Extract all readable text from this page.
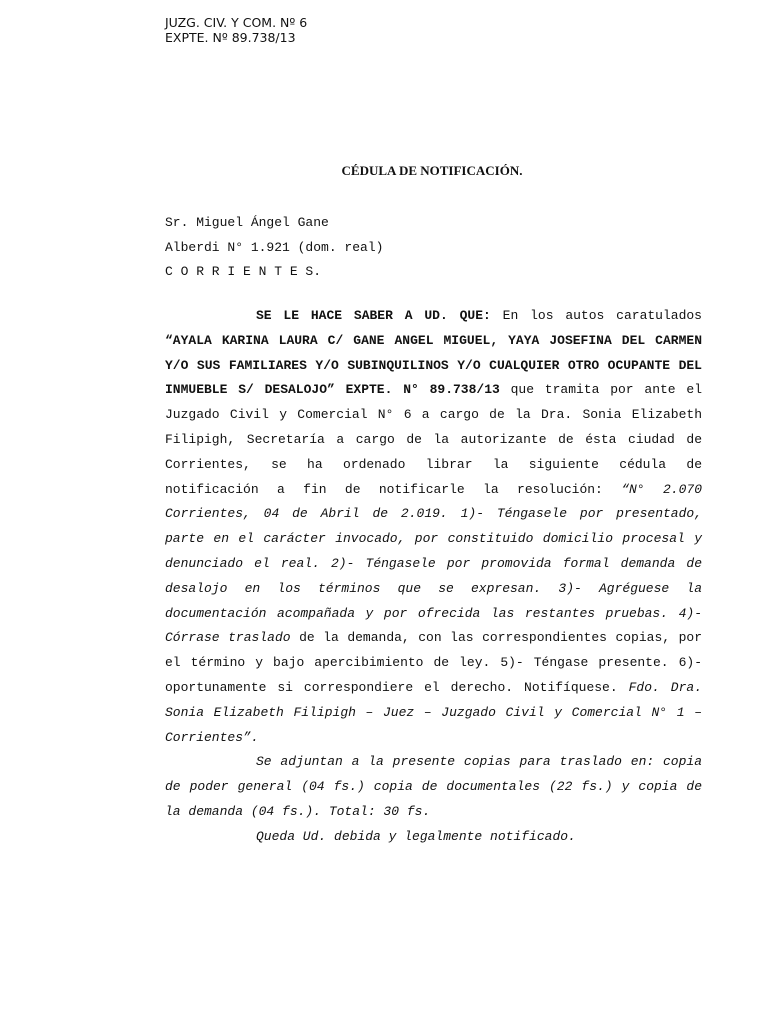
JUZG. CIV. Y COM. Nº 6
EXPTE. Nº 89.738/13
CÉDULA DE NOTIFICACIÓN.
Sr. Miguel Ángel Gane
Alberdi N° 1.921 (dom. real)
C O R R I E N T E S.

SE LE HACE SABER A UD. QUE: En los autos caratulados “AYALA KARINA LAURA C/ GANE ANGEL MIGUEL, YAYA JOSEFINA DEL CARMEN Y/O SUS FAMILIARES Y/O SUBINQUILINOS Y/O CUALQUIER OTRO OCUPANTE DEL INMUEBLE S/ DESALOJO” EXPTE. N° 89.738/13 que tramita por ante el Juzgado Civil y Comercial N° 6 a cargo de la Dra. Sonia Elizabeth Filipigh, Secretaría a cargo de la autorizante de ésta ciudad de Corrientes, se ha ordenado librar la siguiente cédula de notificación a fin de notificarle la resolución: “N° 2.070 Corrientes, 04 de Abril de 2.019. 1)- Téngasele por presentado, parte en el carácter invocado, por constituido domicilio procesal y denunciado el real. 2)- Téngasele por promovida formal demanda de desalojo en los términos que se expresan. 3)- Agréguese la documentación acompañada y por ofrecida las restantes pruebas. 4)- Córrase traslado de la demanda, con las correspondientes copias, por el término y bajo apercibimiento de ley. 5)- Téngase presente. 6)- oportunamente si correspondiere el derecho. Notifíquese. Fdo. Dra. Sonia Elizabeth Filipigh – Juez – Juzgado Civil y Comercial N° 1 – Corrientes”.

Se adjuntan a la presente copias para traslado en: copia de poder general (04 fs.) copia de documentales (22 fs.) y copia de la demanda (04 fs.). Total: 30 fs.

Queda Ud. debida y legalmente notificado.
